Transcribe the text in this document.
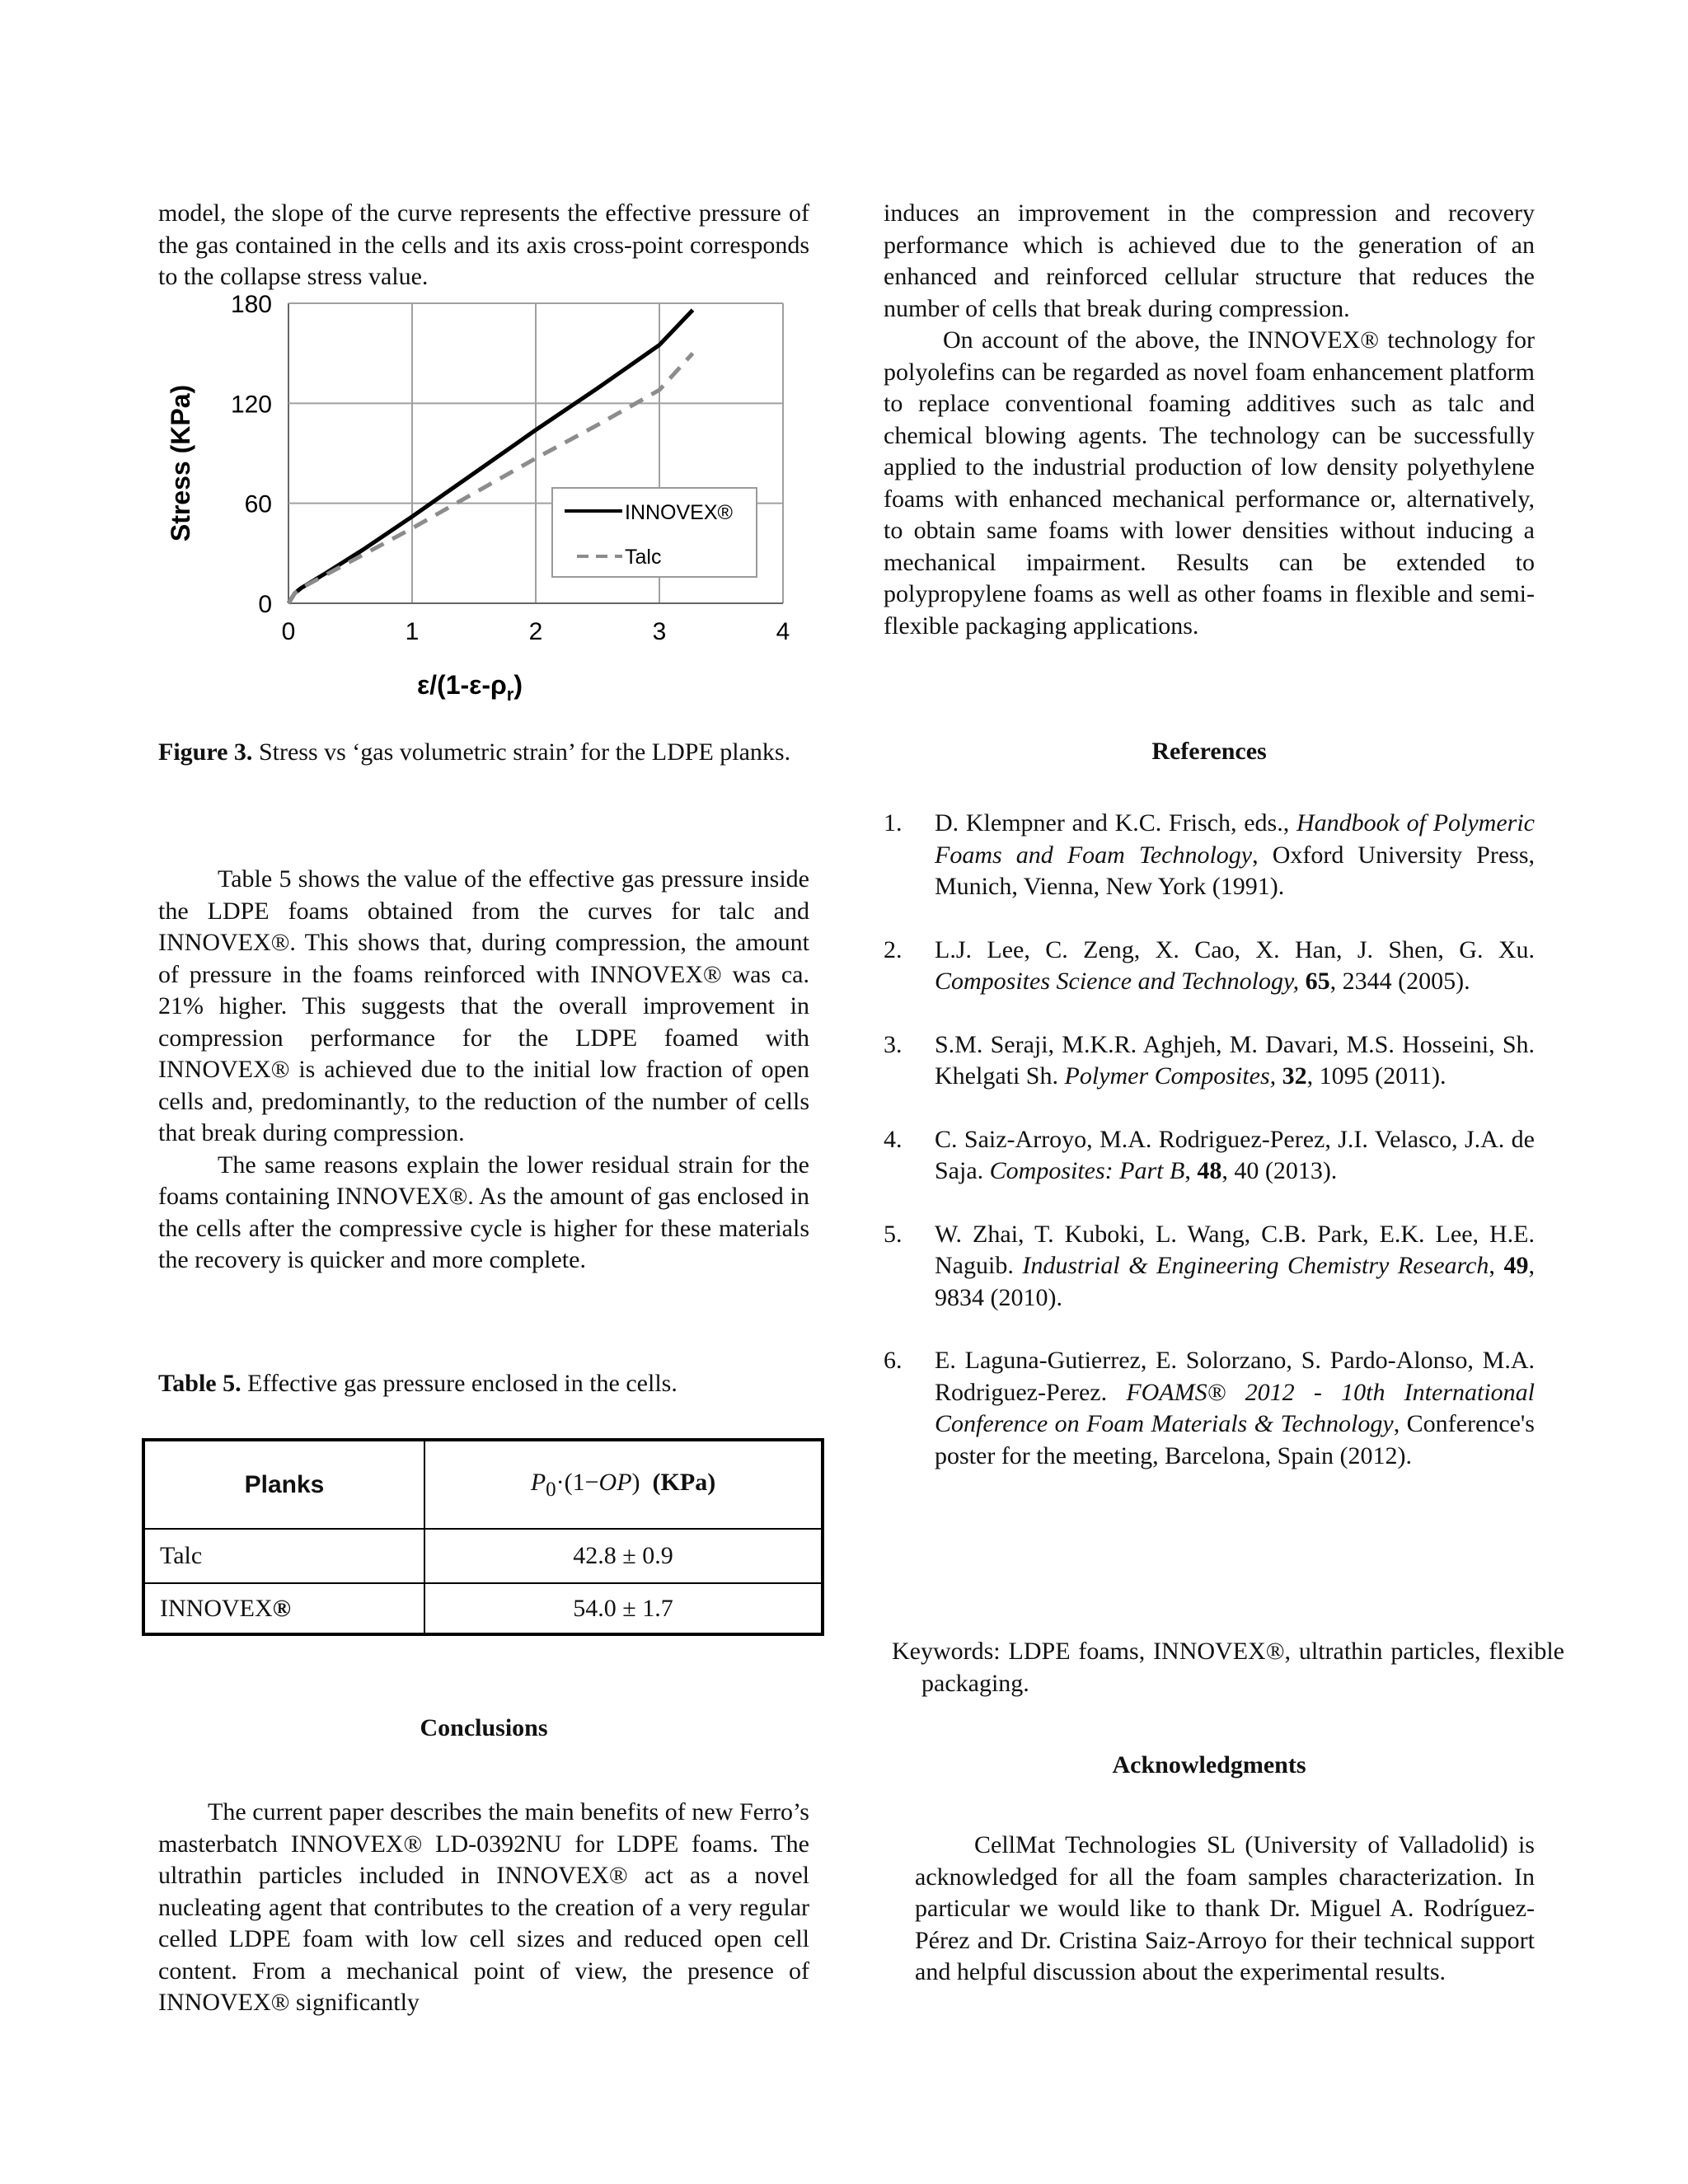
model, the slope of the curve represents the effective pressure of the gas contained in the cells and its axis cross-point corresponds to the collapse stress value.

0	1	2	3	4
0
60
120
180
Stress (KPa)
$\varepsilon/(1-\varepsilon-\rho_r)$
INNOVEX®
Talc

Figure 3. Stress vs ‘gas volumetric strain’ for the LDPE planks.

Table 5 shows the value of the effective gas pressure inside the LDPE foams obtained from the curves for talc and INNOVEX®. This shows that, during compression, the amount of pressure in the foams reinforced with INNOVEX® was ca. 21% higher. This suggests that the overall improvement in compression performance for the LDPE foamed with INNOVEX® is achieved due to the initial low fraction of open cells and, predominantly, to the reduction of the number of cells that break during compression.

The same reasons explain the lower residual strain for the foams containing INNOVEX®. As the amount of gas enclosed in the cells after the compressive cycle is higher for these materials the recovery is quicker and more complete.

Table 5. Effective gas pressure enclosed in the cells.

Planks	$P_0\cdot(1-OP)$ (KPa)
Talc	42.8 ± 0.9
INNOVEX®	54.0 ± 1.7
Conclusions

The current paper describes the main benefits of new Ferro’s masterbatch INNOVEX® LD-0392NU for LDPE foams. The ultrathin particles included in INNOVEX® act as a novel nucleating agent that contributes to the creation of a very regular celled LDPE foam with low cell sizes and reduced open cell content. From a mechanical point of view, the presence of INNOVEX® significantly

induces an improvement in the compression and recovery performance which is achieved due to the generation of an enhanced and reinforced cellular structure that reduces the number of cells that break during compression.

On account of the above, the INNOVEX® technology for polyolefins can be regarded as novel foam enhancement platform to replace conventional foaming additives such as talc and chemical blowing agents. The technology can be successfully applied to the industrial production of low density polyethylene foams with enhanced mechanical performance or, alternatively, to obtain same foams with lower densities without inducing a mechanical impairment. Results can be extended to polypropylene foams as well as other foams in flexible and semi-flexible packaging applications.

References
1. D. Klempner and K.C. Frisch, eds., Handbook of Polymeric Foams and Foam Technology, Oxford University Press, Munich, Vienna, New York (1991).
2. L.J. Lee, C. Zeng, X. Cao, X. Han, J. Shen, G. Xu. Composites Science and Technology, 65, 2344 (2005).
3. S.M. Seraji, M.K.R. Aghjeh, M. Davari, M.S. Hosseini, Sh. Khelgati Sh. Polymer Composites, 32, 1095 (2011).
4. C. Saiz-Arroyo, M.A. Rodriguez-Perez, J.I. Velasco, J.A. de Saja. Composites: Part B, 48, 40 (2013).
5. W. Zhai, T. Kuboki, L. Wang, C.B. Park, E.K. Lee, H.E. Naguib. Industrial & Engineering Chemistry Research, 49, 9834 (2010).
6. E. Laguna-Gutierrez, E. Solorzano, S. Pardo-Alonso, M.A. Rodriguez-Perez. FOAMS® 2012 - 10th International Conference on Foam Materials & Technology, Conference's poster for the meeting, Barcelona, Spain (2012).

Keywords: LDPE foams, INNOVEX®, ultrathin particles, flexible packaging.

Acknowledgments

CellMat Technologies SL (University of Valladolid) is acknowledged for all the foam samples characterization. In particular we would like to thank Dr. Miguel A. Rodríguez-Pérez and Dr. Cristina Saiz-Arroyo for their technical support and helpful discussion about the experimental results.
